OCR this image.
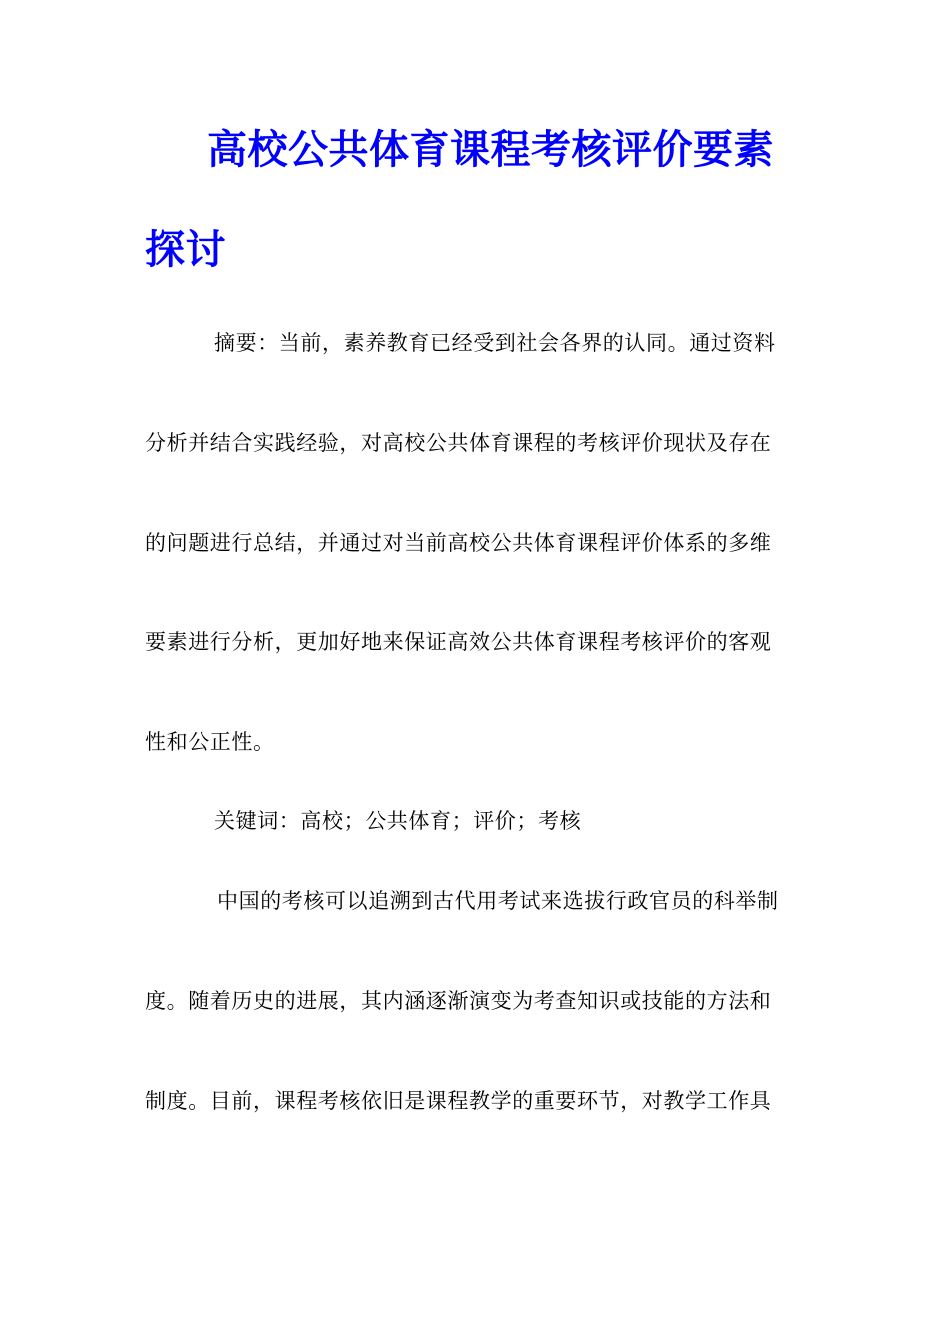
高校公共体育课程考核评价要素
探讨

摘要：当前，素养教育已经受到社会各界的认同。通过资料

分析并结合实践经验，对高校公共体育课程的考核评价现状及存在

的问题进行总结，并通过对当前高校公共体育课程评价体系的多维

要素进行分析，更加好地来保证高效公共体育课程考核评价的客观

性和公正性。

关键词：高校；公共体育；评价；考核

中国的考核可以追溯到古代用考试来选拔行政官员的科举制

度。随着历史的进展，其内涵逐渐演变为考查知识或技能的方法和

制度。目前，课程考核依旧是课程教学的重要环节，对教学工作具
